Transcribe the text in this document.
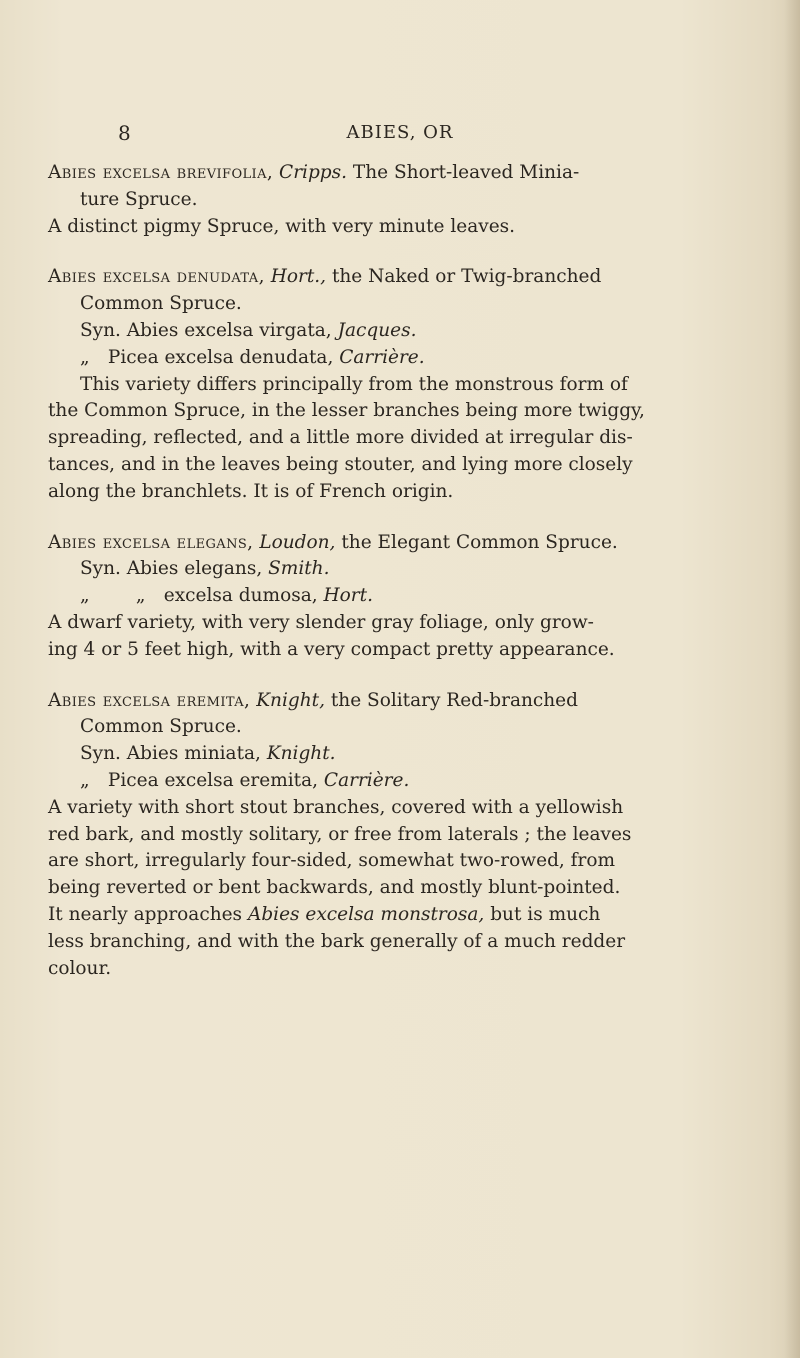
8	ABIES, OR
Abies excelsa brevifolia, Cripps. The Short-leaved Minia-
ture Spruce.
A distinct pigmy Spruce, with very minute leaves.
Abies excelsa denudata, Hort., the Naked or Twig-branched
Common Spruce.
Syn. Abies excelsa virgata, Jacques.
„ Picea excelsa denudata, Carrière.
This variety differs principally from the monstrous form of
the Common Spruce, in the lesser branches being more twiggy,
spreading, reflected, and a little more divided at irregular dis-
tances, and in the leaves being stouter, and lying more closely
along the branchlets. It is of French origin.
Abies excelsa elegans, Loudon, the Elegant Common Spruce.
Syn. Abies elegans, Smith.
„	„ excelsa dumosa, Hort.
A dwarf variety, with very slender gray foliage, only grow-
ing 4 or 5 feet high, with a very compact pretty appearance.
Abies excelsa eremita, Knight, the Solitary Red-branched
Common Spruce.
Syn. Abies miniata, Knight.
„ Picea excelsa eremita, Carrière.
A variety with short stout branches, covered with a yellowish
red bark, and mostly solitary, or free from laterals ; the leaves
are short, irregularly four-sided, somewhat two-rowed, from
being reverted or bent backwards, and mostly blunt-pointed.
It nearly approaches Abies excelsa monstrosa, but is much
less branching, and with the bark generally of a much redder
colour.
